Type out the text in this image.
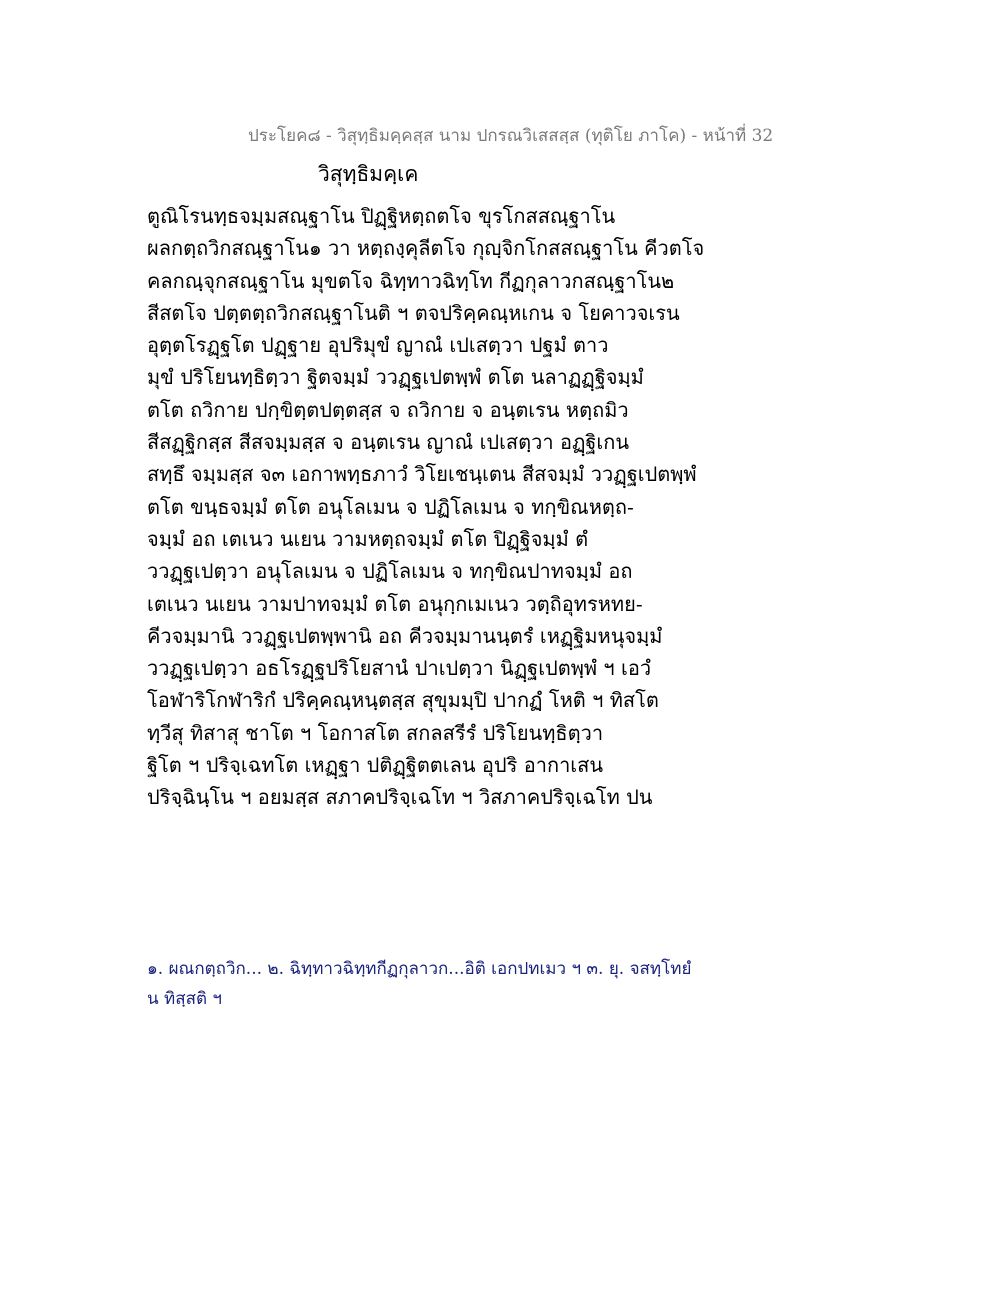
ประโยค๘ - วิสุทฺธิมคฺคสฺส นาม ปกรณวิเสสสฺส (ทุติโย ภาโค) - หน้าที่ 32
วิสุทฺธิมคฺเค
ตูณิโรนทฺธจมฺมสณฺฐาโน ปิฏฺฐิหตฺถตโจ ขุรโกสสณฺฐาโน
ผลกตฺถวิกสณฺฐาโน๑ วา หตฺถงฺคุลีตโจ กุญฺจิกโกสสณฺฐาโน คีวตโจ
คลกณฺจุกสณฺฐาโน มุขตโจ ฉิทฺทาวฉิทฺโท กีฏกุลาวกสณฺฐาโน๒
สีสตโจ ปตฺตตฺถวิกสณฺฐาโนติ ฯ ตจปริคฺคณฺหเกน จ โยคาวจเรน
อุตฺตโรฏฺฐโต ปฏฺฐาย อุปริมุขํ ญาณํ เปเสตฺวา ปฐมํ ตาว
มุขํ ปริโยนทฺธิตฺวา ฐิตจมฺมํ ววฏฺฐเปตพฺพํ ตโต นลาฏฏฺฐิจมฺมํ
ตโต ถวิกาย ปกฺขิตฺตปตฺตสฺส จ ถวิกาย จ อนฺตเรน หตฺถมิว
สีสฏฺฐิกสฺส สีสจมฺมสฺส จ อนฺตเรน ญาณํ เปเสตฺวา อฏฺฐิเกน
สทฺธึ จมฺมสฺส จ๓ เอกาพทฺธภาวํ วิโยเชนฺเตน สีสจมฺมํ ววฏฺฐเปตพฺพํ
ตโต ขนฺธจมฺมํ ตโต อนุโลเมน จ ปฏิโลเมน จ ทกฺขิณหตฺถ-
จมฺมํ อถ เตเนว นเยน วามหตฺถจมฺมํ ตโต ปิฏฺฐิจมฺมํ ตํ
ววฏฺฐเปตฺวา อนุโลเมน จ ปฏิโลเมน จ ทกฺขิณปาทจมฺมํ อถ
เตเนว นเยน วามปาทจมฺมํ ตโต อนุกฺกเมเนว วตฺถิอุทรหทย-
คีวจมฺมานิ ววฏฺฐเปตพฺพานิ อถ คีวจมฺมานนฺตรํ เหฏฺฐิมหนุจมฺมํ
ววฏฺฐเปตฺวา อธโรฏฺฐปริโยสานํ ปาเปตฺวา นิฏฺฐเปตพฺพํ ฯ เอวํ
โอฬาริโกฬาริกํ ปริคฺคณฺหนฺตสฺส สุขุมมฺปิ ปากฏํ โหติ ฯ ทิสโต
ทฺวีสุ ทิสาสุ ชาโต ฯ โอกาสโต สกลสรีรํ ปริโยนทฺธิตฺวา
ฐิโต ฯ ปริจฺเฉทโต เหฏฺฐา ปติฏฺฐิตตเลน อุปริ อากาเสน
ปริจฺฉินฺโน ฯ อยมสฺส สภาคปริจฺเฉโท ฯ วิสภาคปริจฺเฉโท ปน
๑. ผณกตฺถวิก... ๒. ฉิทฺทาวฉิทฺทกีฏกุลาวก...อิติ เอกปทเมว ฯ ๓. ยุ. จสทฺโทยํ
น ทิสฺสติ ฯ
